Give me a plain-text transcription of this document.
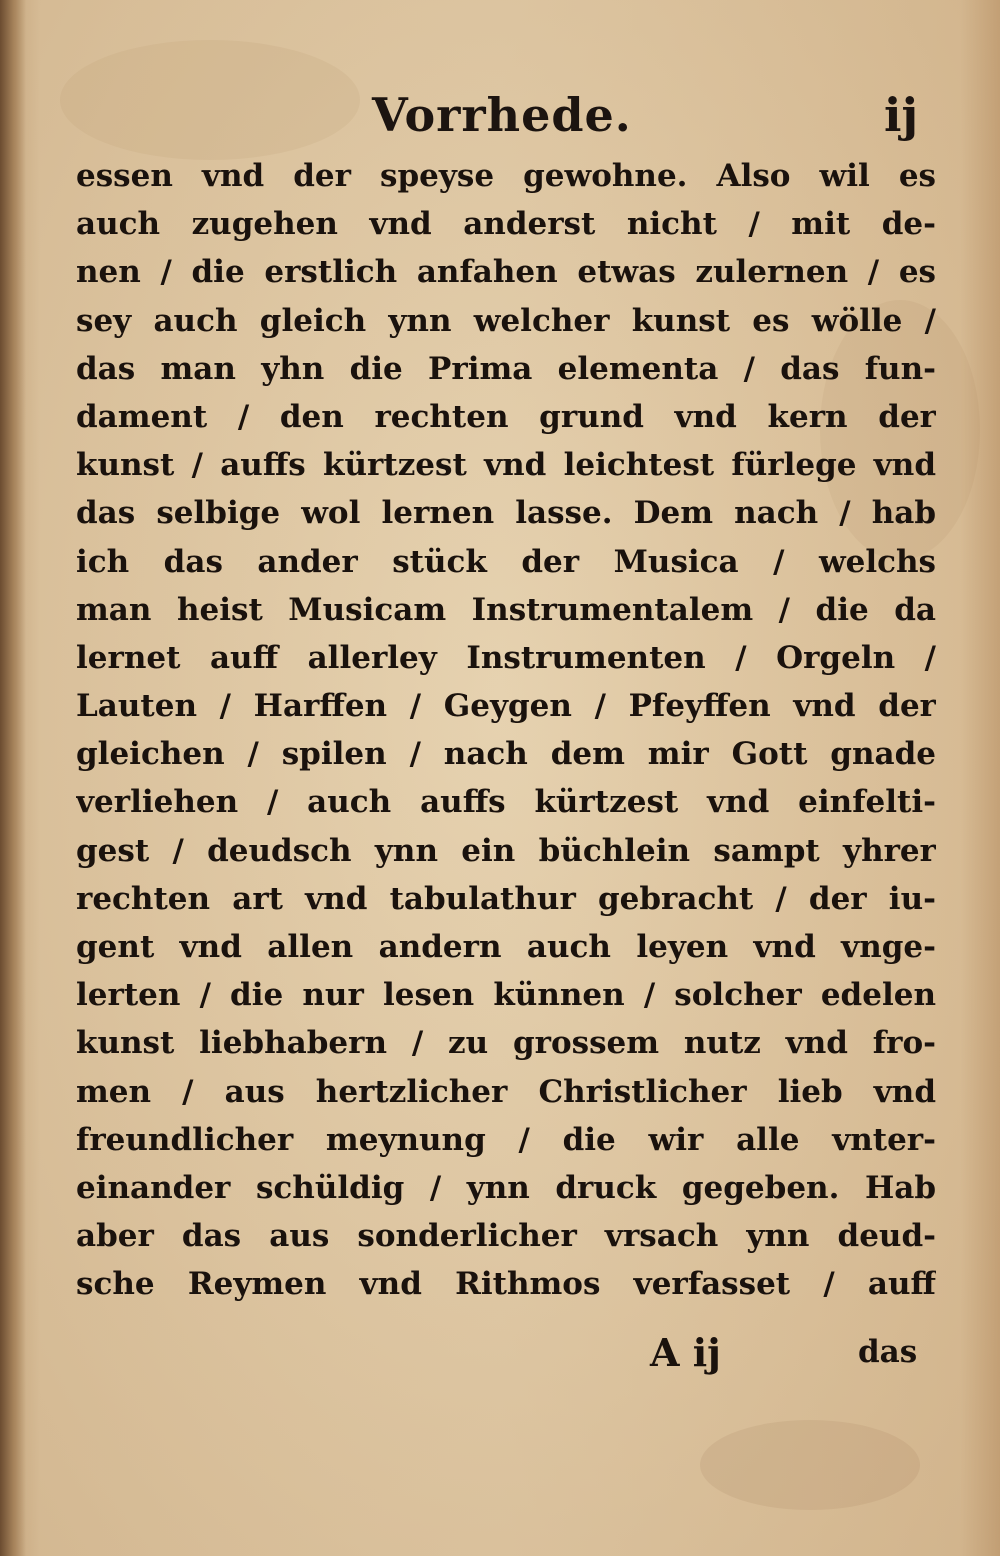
Vorrhede.	ij
essen vnd der speyse gewohne. Also wil es
auch zugehen vnd anderst nicht / mit de-
nen / die erstlich anfahen etwas zulernen / es
sey auch gleich ynn welcher kunst es wölle /
das man yhn die Prima elementa / das fun-
dament / den rechten grund vnd kern der
kunst / auffs kürtzest vnd leichtest fürlege vnd
das selbige wol lernen lasse. Dem nach / hab
ich das ander stück der Musica / welchs
man heist Musicam Instrumentalem / die da
lernet auff allerley Instrumenten / Orgeln /
Lauten / Harffen / Geygen / Pfeyffen vnd der
gleichen / spilen / nach dem mir Gott gnade
verliehen / auch auffs kürtzest vnd einfelti-
gest / deudsch ynn ein büchlein sampt yhrer
rechten art vnd tabulathur gebracht / der iu-
gent vnd allen andern auch leyen vnd vnge-
lerten / die nur lesen künnen / solcher edelen
kunst liebhabern / zu grossem nutz vnd fro-
men / aus hertzlicher Christlicher lieb vnd
freundlicher meynung / die wir alle vnter-
einander schüldig / ynn druck gegeben. Hab
aber das aus sonderlicher vrsach ynn deud-
sche Reymen vnd Rithmos verfasset / auff
A ij	das
